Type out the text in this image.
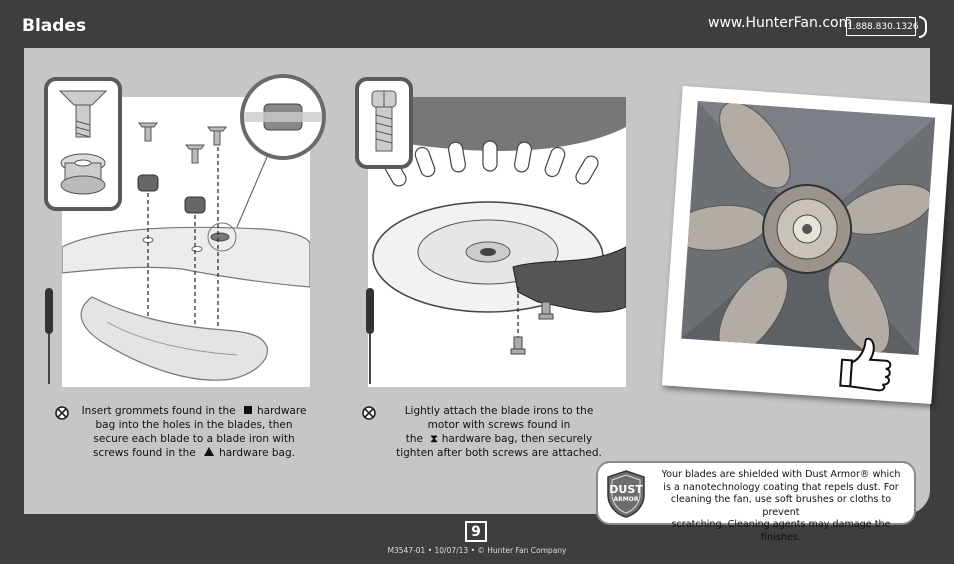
Blades	www.HunterFan.com
1.888.830.1326
Insert grommets found in the hardware
bag into the holes in the blades, then
secure each blade to a blade iron with
screws found in the hardware bag.
Lightly attach the blade irons to the
motor with screws found in
the ⧗ hardware bag, then securely
tighten after both screws are attached.
DUST
ARMOR
Your blades are shielded with Dust Armor® which
is a nanotechnology coating that repels dust. For
cleaning the fan, use soft brushes or cloths to prevent
scratching. Cleaning agents may damage the finishes.
9
M3547-01 • 10/07/13 • © Hunter Fan Company
